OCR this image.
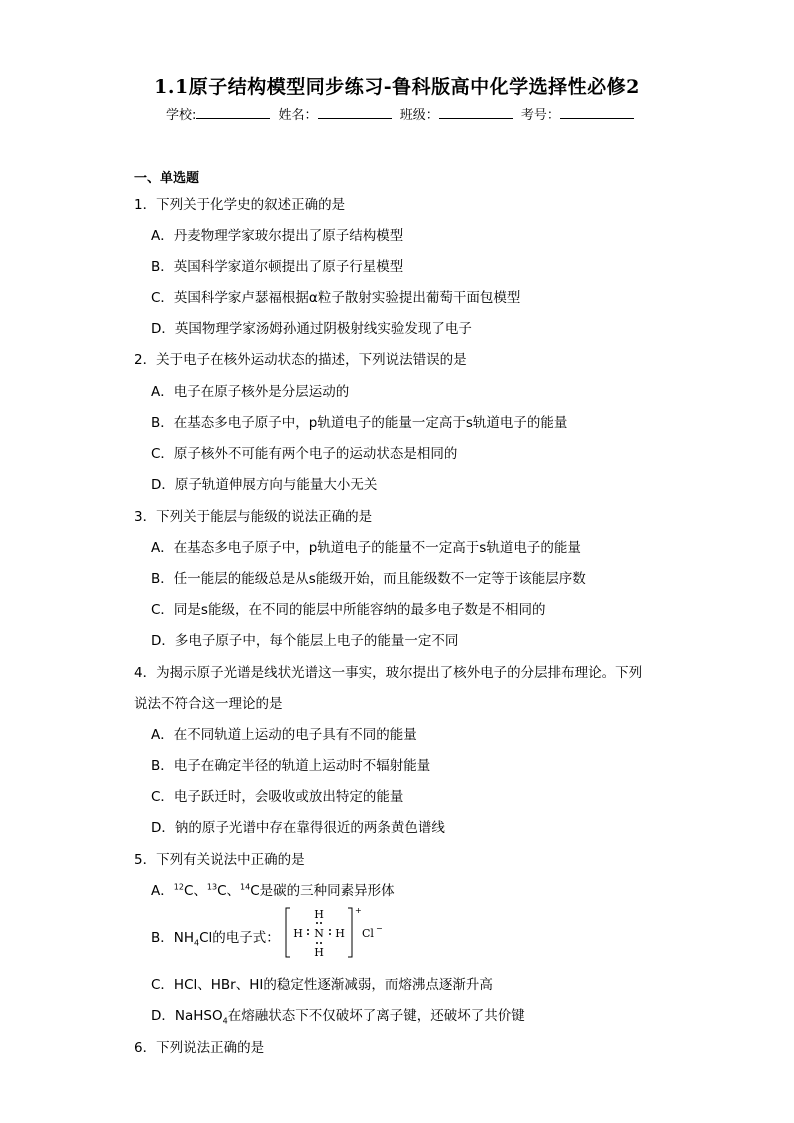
1.1原子结构模型同步练习-鲁科版高中化学选择性必修2
学校:	姓名：	班级：	考号：
一、单选题
1．下列关于化学史的叙述正确的是
A．丹麦物理学家玻尔提出了原子结构模型
B．英国科学家道尔顿提出了原子行星模型
C．英国科学家卢瑟福根据α粒子散射实验提出葡萄干面包模型
D．英国物理学家汤姆孙通过阴极射线实验发现了电子
2．关于电子在核外运动状态的描述，下列说法错误的是
A．电子在原子核外是分层运动的
B．在基态多电子原子中，p轨道电子的能量一定高于s轨道电子的能量
C．原子核外不可能有两个电子的运动状态是相同的
D．原子轨道伸展方向与能量大小无关
3．下列关于能层与能级的说法正确的是
A．在基态多电子原子中，p轨道电子的能量不一定高于s轨道电子的能量
B．任一能层的能级总是从s能级开始，而且能级数不一定等于该能层序数
C．同是s能级，在不同的能层中所能容纳的最多电子数是不相同的
D．多电子原子中，每个能层上电子的能量一定不同
4．为揭示原子光谱是线状光谱这一事实，玻尔提出了核外电子的分层排布理论。下列
说法不符合这一理论的是
A．在不同轨道上运动的电子具有不同的能量
B．电子在确定半径的轨道上运动时不辐射能量
C．电子跃迁时，会吸收或放出特定的能量
D．钠的原子光谱中存在靠得很近的两条黄色谱线
5．下列有关说法中正确的是
A．$^{12}$C、$^{13}$C、$^{14}$C是碳的三种同素异形体
B．$NH_4Cl$的电子式：
H
H N H
H
+
Cl −
C．HCl、HBr、HI的稳定性逐渐减弱，而熔沸点逐渐升高
D．NaHSO$_4$在熔融状态下不仅破坏了离子键，还破坏了共价键
6．下列说法正确的是
